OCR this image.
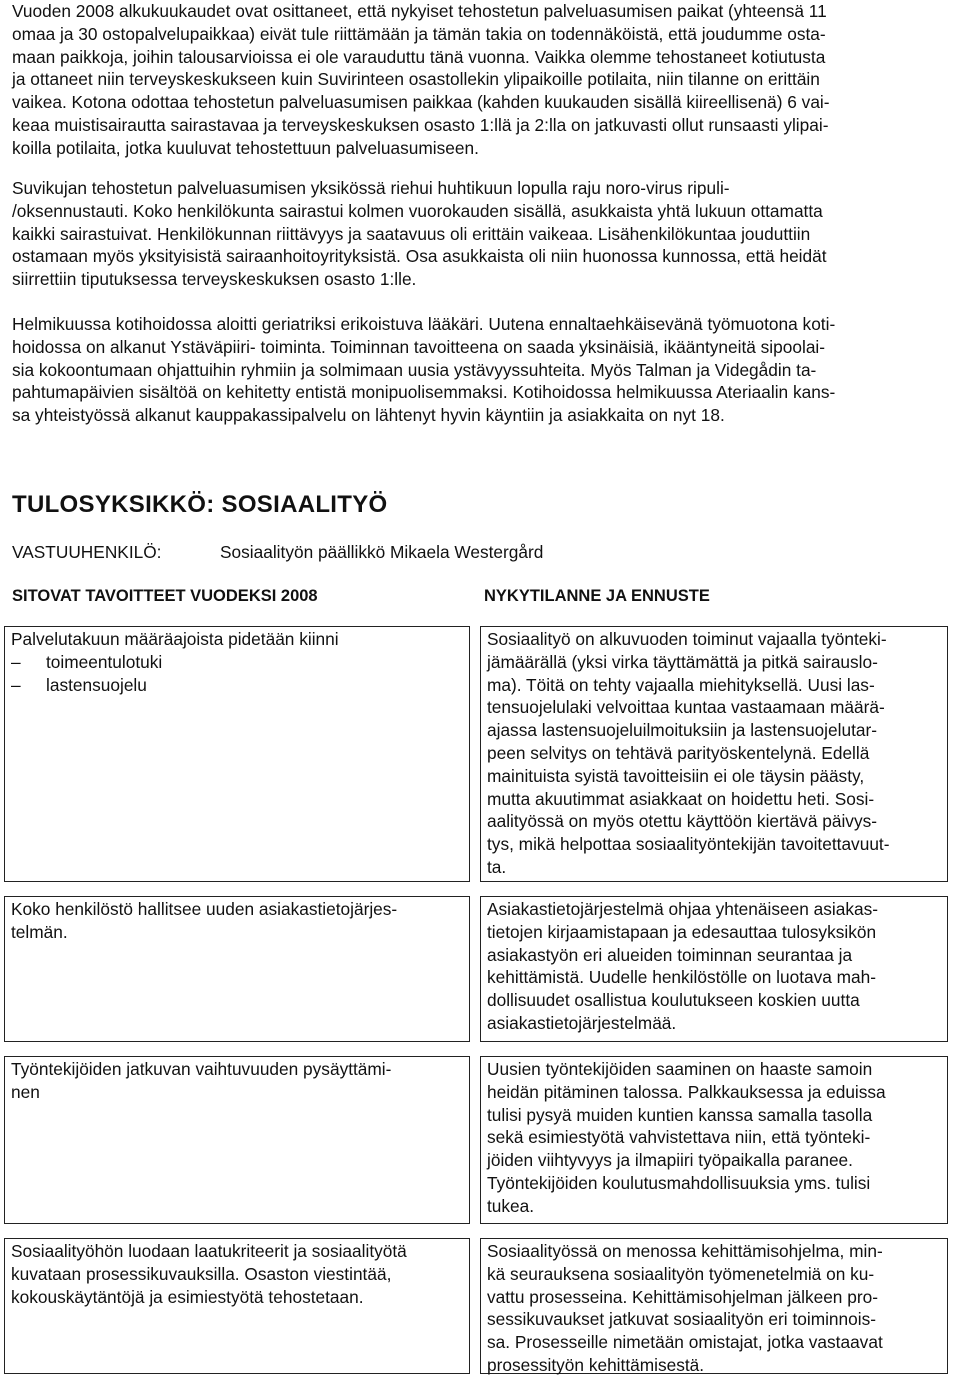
Vuoden 2008 alkukuukaudet ovat osittaneet, että nykyiset tehostetun palveluasumisen paikat (yhteensä 11
omaa ja 30 ostopalvelupaikkaa) eivät tule riittämään ja tämän takia on todennäköistä, että joudumme osta-
maan paikkoja, joihin talousarvioissa ei ole varauduttu tänä vuonna. Vaikka olemme tehostaneet kotiutusta
ja ottaneet niin terveyskeskukseen kuin Suvirinteen osastollekin ylipaikoille potilaita, niin tilanne on erittäin
vaikea. Kotona odottaa tehostetun palveluasumisen paikkaa (kahden kuukauden sisällä kiireellisenä) 6 vai-
keaa muistisairautta sairastavaa ja terveyskeskuksen osasto 1:llä ja 2:lla on jatkuvasti ollut runsaasti ylipai-
koilla potilaita, jotka kuuluvat tehostettuun palveluasumiseen.
Suvikujan tehostetun palveluasumisen yksikössä riehui huhtikuun lopulla raju noro-virus ripuli-
/oksennustauti. Koko henkilökunta sairastui kolmen vuorokauden sisällä, asukkaista yhtä lukuun ottamatta
kaikki sairastuivat. Henkilökunnan riittävyys ja saatavuus oli erittäin vaikeaa. Lisähenkilökuntaa jouduttiin
ostamaan myös yksityisistä sairaanhoitoyrityksistä. Osa asukkaista oli niin huonossa kunnossa, että heidät
siirrettiin tiputuksessa terveyskeskuksen osasto 1:lle.
Helmikuussa kotihoidossa aloitti geriatriksi erikoistuva lääkäri. Uutena ennaltaehkäisevänä työmuotona koti-
hoidossa on alkanut Ystäväpiiri- toiminta. Toiminnan tavoitteena on saada yksinäisiä, ikääntyneitä sipoolai-
sia kokoontumaan ohjattuihin ryhmiin ja solmimaan uusia ystävyyssuhteita. Myös Talman ja Videgådin ta-
pahtumapäivien sisältöä on kehitetty entistä monipuolisemmaksi. Kotihoidossa helmikuussa Ateriaalin kans-
sa yhteistyössä alkanut kauppakassipalvelu on lähtenyt hyvin käyntiin ja asiakkaita on nyt 18.
TULOSYKSIKKÖ: SOSIAALITYÖ
VASTUUHENKILÖ:	Sosiaalityön päällikkö Mikaela Westergård
SITOVAT TAVOITTEET VUODEKSI 2008	NYKYTILANNE JA ENNUSTE
Palvelutakuun määräajoista pidetään kiinni
– toimeentulotuki
– lastensuojelu
Sosiaalityö on alkuvuoden toiminut vajaalla työnteki-
jämäärällä (yksi virka täyttämättä ja pitkä sairauslo-
ma). Töitä on tehty vajaalla miehityksellä. Uusi las-
tensuojelulaki velvoittaa kuntaa vastaamaan määrä-
ajassa lastensuojeluilmoituksiin ja lastensuojelutar-
peen selvitys on tehtävä parityöskentelynä. Edellä
mainituista syistä tavoitteisiin ei ole täysin päästy,
mutta akuutimmat asiakkaat on hoidettu heti. Sosi-
aalityössä on myös otettu käyttöön kiertävä päivys-
tys, mikä helpottaa sosiaalityöntekijän tavoitettavuut-
ta.
Koko henkilöstö hallitsee uuden asiakastietojärjes-
telmän.
Asiakastietojärjestelmä ohjaa yhtenäiseen asiakas-
tietojen kirjaamistapaan ja edesauttaa tulosyksikön
asiakastyön eri alueiden toiminnan seurantaa ja
kehittämistä. Uudelle henkilöstölle on luotava mah-
dollisuudet osallistua koulutukseen koskien uutta
asiakastietojärjestelmää.
Työntekijöiden jatkuvan vaihtuvuuden pysäyttämi-
nen
Uusien työntekijöiden saaminen on haaste samoin
heidän pitäminen talossa. Palkkauksessa ja eduissa
tulisi pysyä muiden kuntien kanssa samalla tasolla
sekä esimiestyötä vahvistettava niin, että työnteki-
jöiden viihtyvyys ja ilmapiiri työpaikalla paranee.
Työntekijöiden koulutusmahdollisuuksia yms. tulisi
tukea.
Sosiaalityöhön luodaan laatukriteerit ja sosiaalityötä
kuvataan prosessikuvauksilla. Osaston viestintää,
kokouskäytäntöjä ja esimiestyötä tehostetaan.
Sosiaalityössä on menossa kehittämisohjelma, min-
kä seurauksena sosiaalityön työmenetelmiä on ku-
vattu prosesseina. Kehittämisohjelman jälkeen pro-
sessikuvaukset jatkuvat sosiaalityön eri toiminnois-
sa. Prosesseille nimetään omistajat, jotka vastaavat
prosessityön kehittämisestä.
